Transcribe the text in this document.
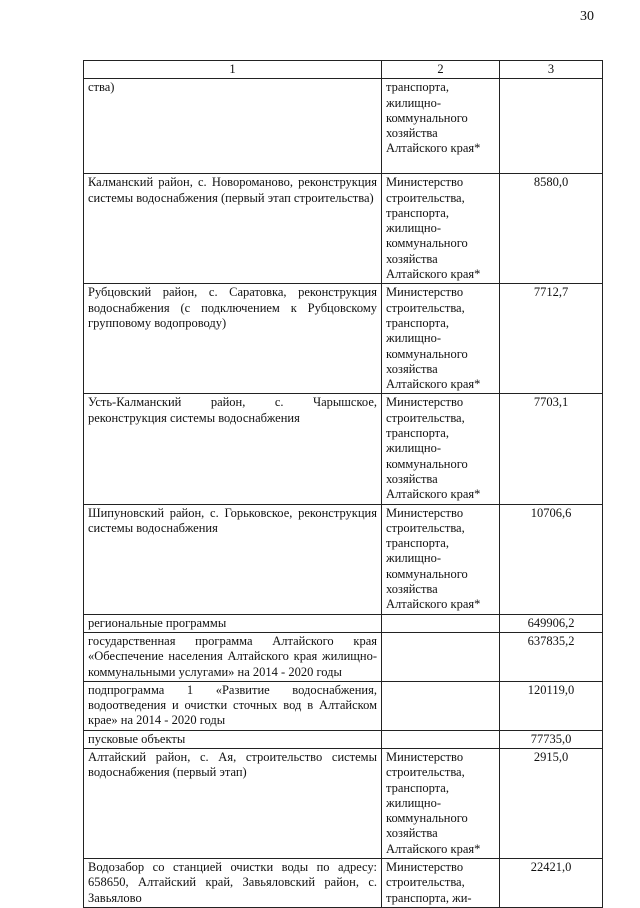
30
1	2	3
ства)	транспорта, жилищно-коммунального хозяйства Алтайского края*	
Калманский район, с. Новороманово, реконструкция системы водоснабжения (первый этап строительства)	Министерство строительства, транспорта, жилищно-коммунального хозяйства Алтайского края*	8580,0
Рубцовский район, с. Саратовка, реконструкция водоснабжения (с подключением к Рубцовскому групповому водопроводу)	Министерство строительства, транспорта, жилищно-коммунального хозяйства Алтайского края*	7712,7
Усть-Калманский район, с. Чарышское, реконструкция системы водоснабжения	Министерство строительства, транспорта, жилищно-коммунального хозяйства Алтайского края*	7703,1
Шипуновский район, с. Горьковское, реконструкция системы водоснабжения	Министерство строительства, транспорта, жилищно-коммунального хозяйства Алтайского края*	10706,6
региональные программы		649906,2
государственная программа Алтайского края «Обеспечение населения Алтайского края жилищно-коммунальными услугами» на 2014 - 2020 годы		637835,2
подпрограмма 1 «Развитие водоснабжения, водоотведения и очистки сточных вод в Алтайском крае» на 2014 - 2020 годы		120119,0
пусковые объекты		77735,0
Алтайский район, с. Ая, строительство системы водоснабжения (первый этап)	Министерство строительства, транспорта, жилищно-коммунального хозяйства Алтайского края*	2915,0
Водозабор со станцией очистки воды по адресу: 658650, Алтайский край, Завьяловский район, с. Завьялово	Министерство строительства, транспорта, жи-	22421,0
